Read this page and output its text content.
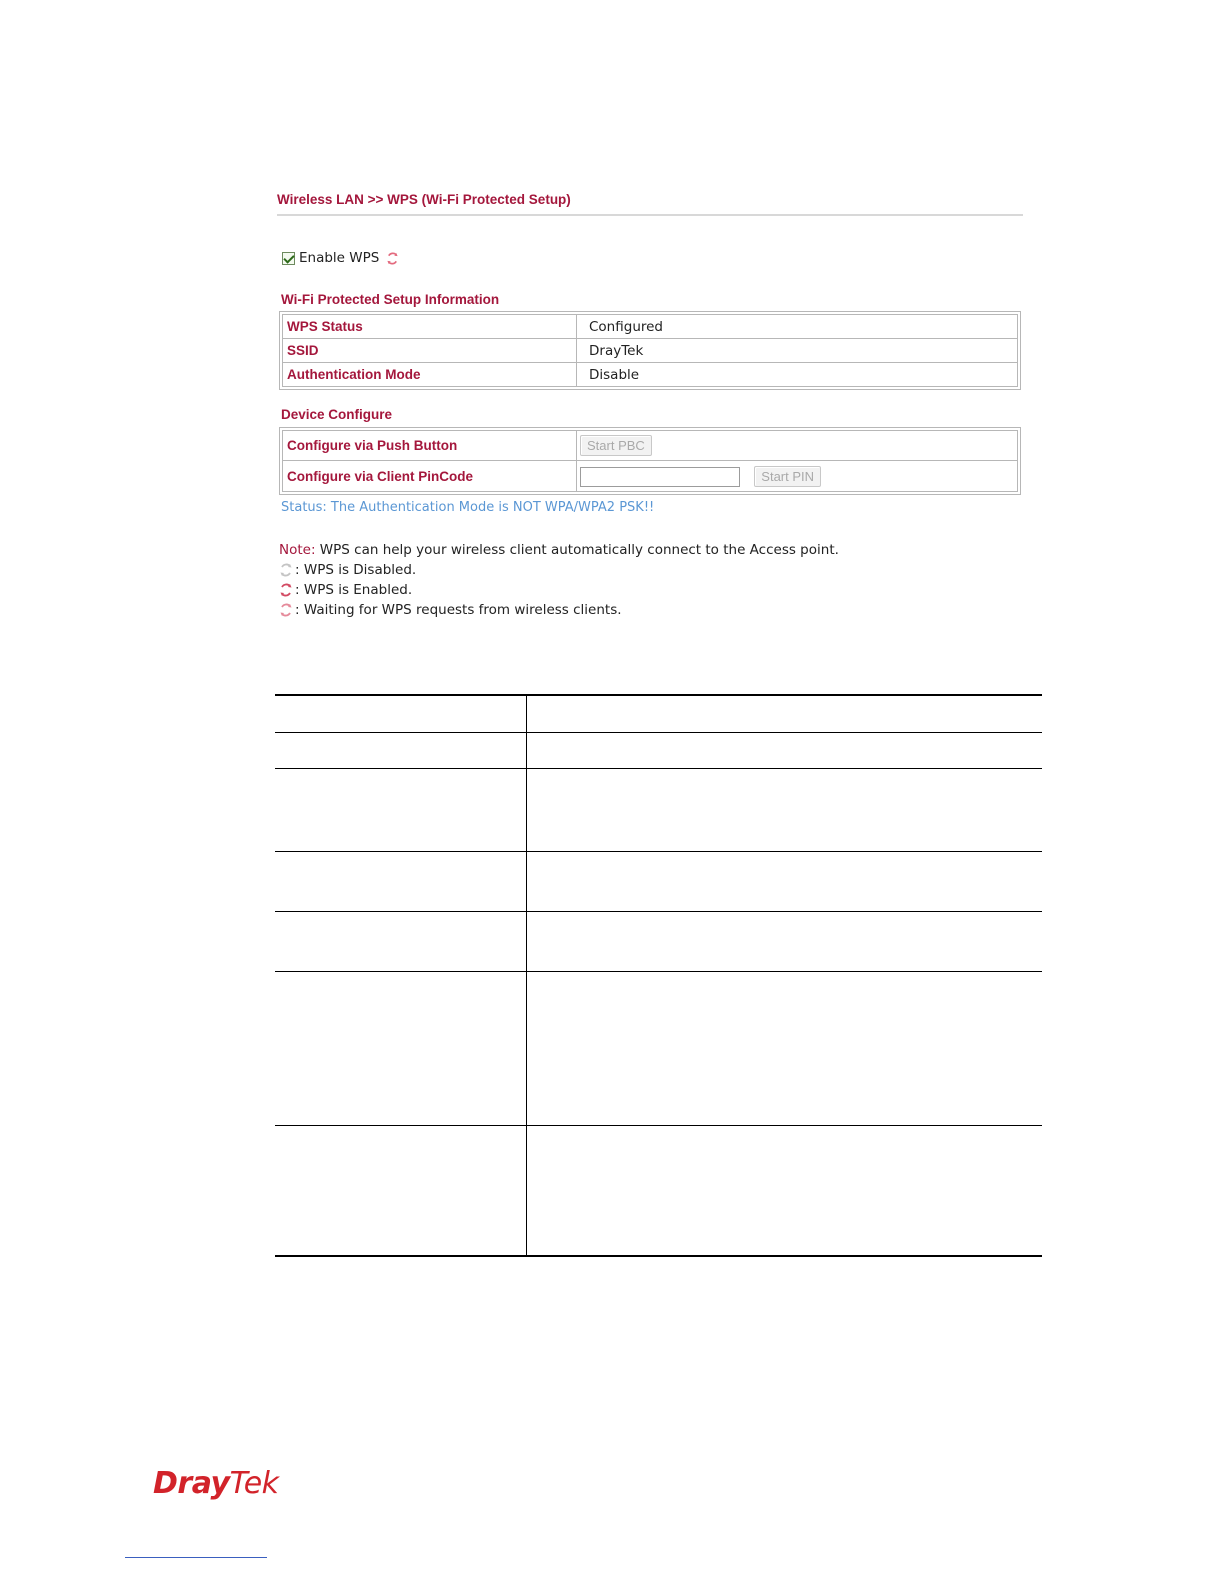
Wireless LAN >> WPS (Wi-Fi Protected Setup)
Enable WPS
Wi-Fi Protected Setup Information
WPS Status	Configured
SSID	DrayTek
Authentication Mode	Disable
Device Configure
Configure via Push Button	Start PBC
Configure via Client PinCode	Start PIN
Status: The Authentication Mode is NOT WPA/WPA2 PSK!!
Note: WPS can help your wireless client automatically connect to the Access point.
: WPS is Disabled.
: WPS is Enabled.
: Waiting for WPS requests from wireless clients.

DrayTek
